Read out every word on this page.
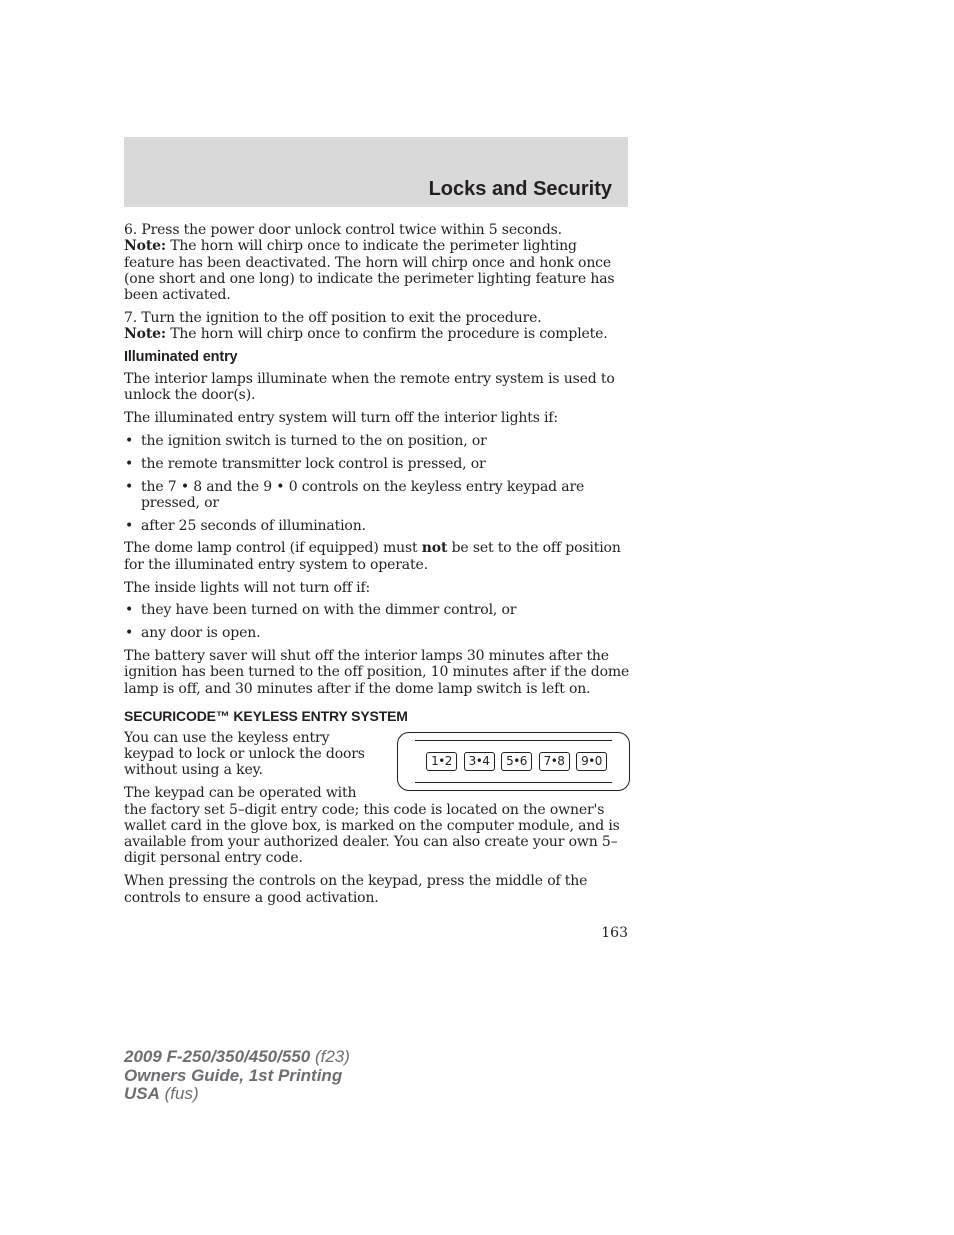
Locks and Security

6. Press the power door unlock control twice within 5 seconds.
Note: The horn will chirp once to indicate the perimeter lighting feature has been deactivated. The horn will chirp once and honk once (one short and one long) to indicate the perimeter lighting feature has been activated.

7. Turn the ignition to the off position to exit the procedure.
Note: The horn will chirp once to confirm the procedure is complete.

Illuminated entry

The interior lamps illuminate when the remote entry system is used to unlock the door(s).

The illuminated entry system will turn off the interior lights if:

• the ignition switch is turned to the on position, or
• the remote transmitter lock control is pressed, or
• the 7 • 8 and the 9 • 0 controls on the keyless entry keypad are pressed, or
• after 25 seconds of illumination.

The dome lamp control (if equipped) must not be set to the off position for the illuminated entry system to operate.

The inside lights will not turn off if:

• they have been turned on with the dimmer control, or
• any door is open.

The battery saver will shut off the interior lamps 30 minutes after the ignition has been turned to the off position, 10 minutes after if the dome lamp is off, and 30 minutes after if the dome lamp switch is left on.

SECURICODE™ KEYLESS ENTRY SYSTEM
1•2	3•4	5•6	7•8	9•0

You can use the keyless entry keypad to lock or unlock the doors without using a key.

The keypad can be operated with the factory set 5–digit entry code; this code is located on the owner's wallet card in the glove box, is marked on the computer module, and is available from your authorized dealer. You can also create your own 5–digit personal entry code.

When pressing the controls on the keypad, press the middle of the controls to ensure a good activation.

163
2009 F-250/350/450/550 (f23)
Owners Guide, 1st Printing
USA (fus)
